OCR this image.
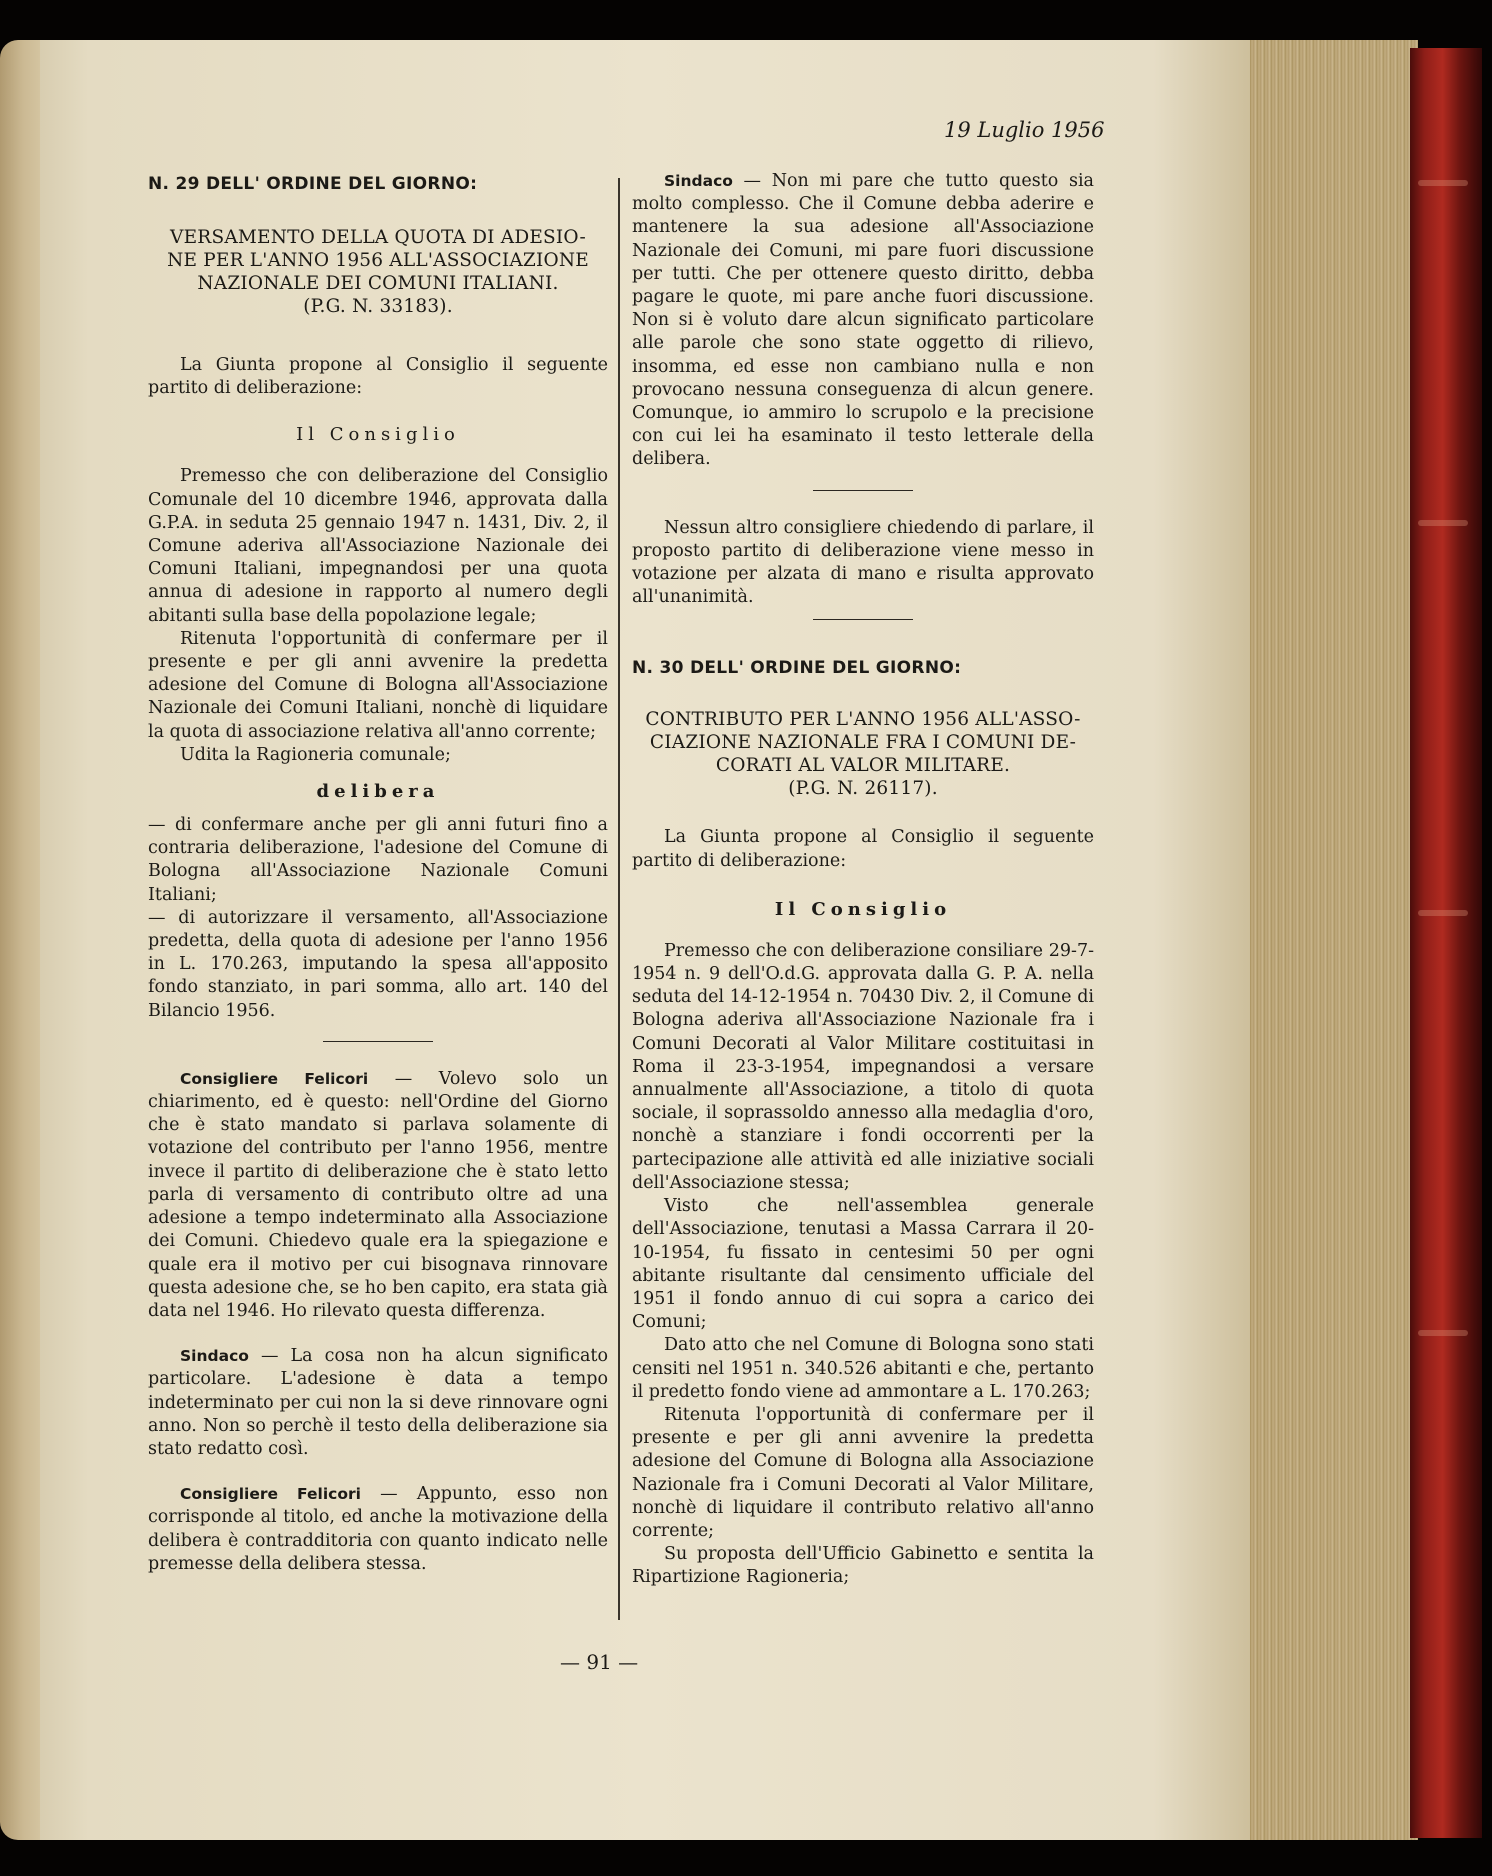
19 Luglio 1956

N. 29 DELL' ORDINE DEL GIORNO:

VERSAMENTO DELLA QUOTA DI ADESIO-

NE PER L'ANNO 1956 ALL'ASSOCIAZIONE

NAZIONALE DEI COMUNI ITALIANI.

(P.G. N. 33183).

La Giunta propone al Consiglio il seguente partito di deliberazione:

Il Consiglio

Premesso che con deliberazione del Consiglio Comunale del 10 dicembre 1946, approvata dalla G.P.A. in seduta 25 gennaio 1947 n. 1431, Div. 2, il Comune aderiva all'Associazione Nazionale dei Comuni Italiani, impegnandosi per una quota annua di adesione in rapporto al numero degli abitanti sulla base della popolazione legale;

Ritenuta l'opportunità di confermare per il presente e per gli anni avvenire la predetta adesione del Comune di Bologna all'Associazione Nazionale dei Comuni Italiani, nonchè di liquidare la quota di associazione relativa all'anno corrente;

Udita la Ragioneria comunale;

delibera

— di confermare anche per gli anni futuri fino a contraria deliberazione, l'adesione del Comune di Bologna all'Associazione Nazionale Comuni Italiani;

— di autorizzare il versamento, all'Associazione predetta, della quota di adesione per l'anno 1956 in L. 170.263, imputando la spesa all'apposito fondo stanziato, in pari somma, allo art. 140 del Bilancio 1956.

Consigliere Felicori — Volevo solo un chiarimento, ed è questo: nell'Ordine del Giorno che è stato mandato si parlava solamente di votazione del contributo per l'anno 1956, mentre invece il partito di deliberazione che è stato letto parla di versamento di contributo oltre ad una adesione a tempo indeterminato alla Associazione dei Comuni. Chiedevo quale era la spiegazione e quale era il motivo per cui bisognava rinnovare questa adesione che, se ho ben capito, era stata già data nel 1946. Ho rilevato questa differenza.

Sindaco — La cosa non ha alcun significato particolare. L'adesione è data a tempo indeterminato per cui non la si deve rinnovare ogni anno. Non so perchè il testo della deliberazione sia stato redatto così.

Consigliere Felicori — Appunto, esso non corrisponde al titolo, ed anche la motivazione della delibera è contradditoria con quanto indicato nelle premesse della delibera stessa.

Sindaco — Non mi pare che tutto questo sia molto complesso. Che il Comune debba aderire e mantenere la sua adesione all'Associazione Nazionale dei Comuni, mi pare fuori discussione per tutti. Che per ottenere questo diritto, debba pagare le quote, mi pare anche fuori discussione. Non si è voluto dare alcun significato particolare alle parole che sono state oggetto di rilievo, insomma, ed esse non cambiano nulla e non provocano nessuna conseguenza di alcun genere. Comunque, io ammiro lo scrupolo e la precisione con cui lei ha esaminato il testo letterale della delibera.

Nessun altro consigliere chiedendo di parlare, il proposto partito di deliberazione viene messo in votazione per alzata di mano e risulta approvato all'unanimità.

N. 30 DELL' ORDINE DEL GIORNO:

CONTRIBUTO PER L'ANNO 1956 ALL'ASSO-

CIAZIONE NAZIONALE FRA I COMUNI DE-

CORATI AL VALOR MILITARE.

(P.G. N. 26117).

La Giunta propone al Consiglio il seguente partito di deliberazione:

Il Consiglio

Premesso che con deliberazione consiliare 29-7-1954 n. 9 dell'O.d.G. approvata dalla G. P. A. nella seduta del 14-12-1954 n. 70430 Div. 2, il Comune di Bologna aderiva all'Associazione Nazionale fra i Comuni Decorati al Valor Militare costituitasi in Roma il 23-3-1954, impegnandosi a versare annualmente all'Associazione, a titolo di quota sociale, il soprassoldo annesso alla medaglia d'oro, nonchè a stanziare i fondi occorrenti per la partecipazione alle attività ed alle iniziative sociali dell'Associazione stessa;

Visto che nell'assemblea generale dell'Associazione, tenutasi a Massa Carrara il 20-10-1954, fu fissato in centesimi 50 per ogni abitante risultante dal censimento ufficiale del 1951 il fondo annuo di cui sopra a carico dei Comuni;

Dato atto che nel Comune di Bologna sono stati censiti nel 1951 n. 340.526 abitanti e che, pertanto il predetto fondo viene ad ammontare a L. 170.263;

Ritenuta l'opportunità di confermare per il presente e per gli anni avvenire la predetta adesione del Comune di Bologna alla Associazione Nazionale fra i Comuni Decorati al Valor Militare, nonchè di liquidare il contributo relativo all'anno corrente;

Su proposta dell'Ufficio Gabinetto e sentita la Ripartizione Ragioneria;

— 91 —
